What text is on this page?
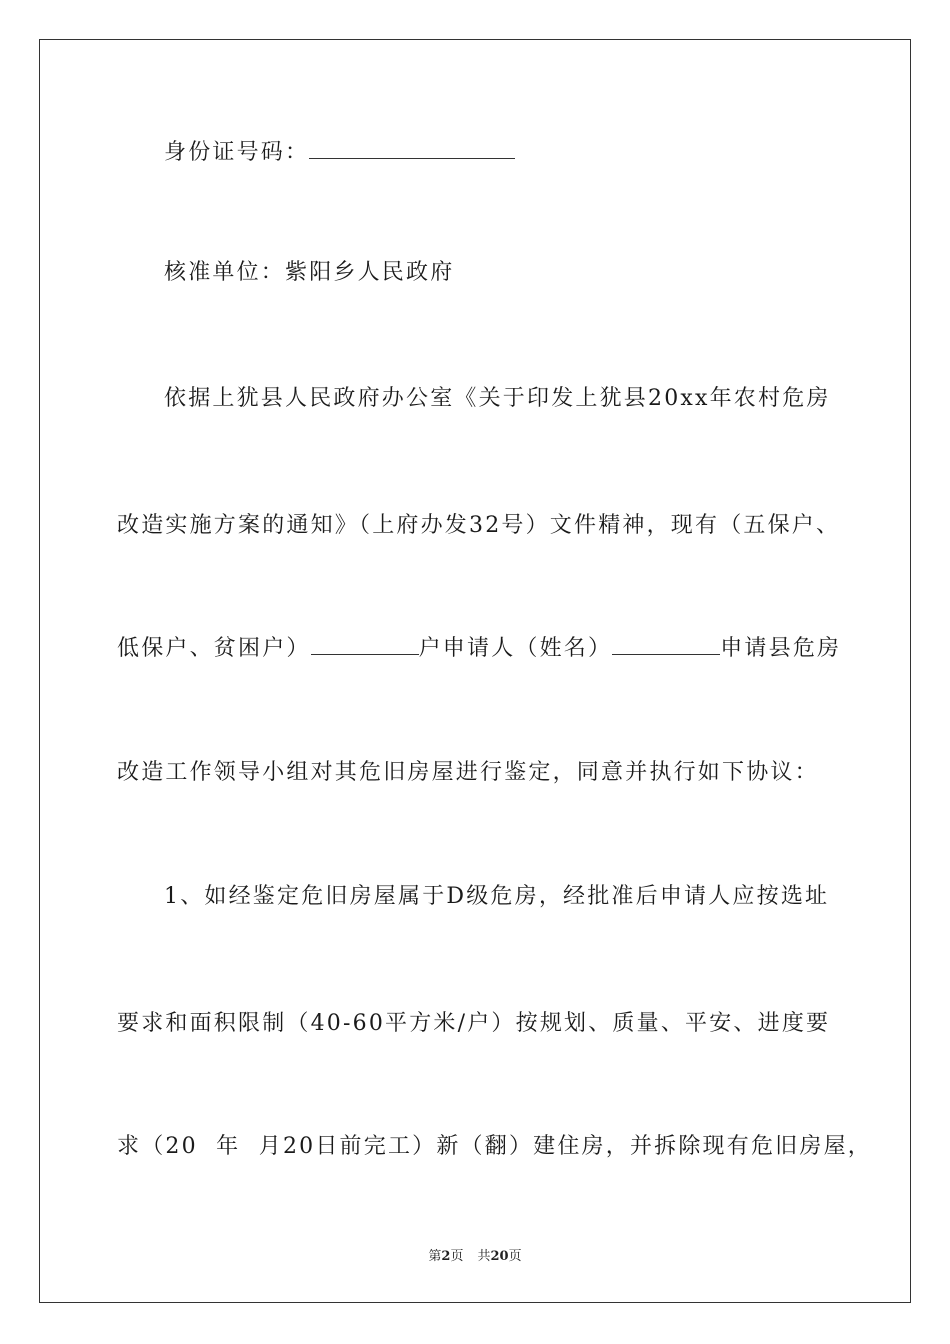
身份证号码：
核准单位：紫阳乡人民政府
依据上犹县人民政府办公室《关于印发上犹县20xx年农村危房
改造实施方案的通知》（上府办发32号）文件精神，现有（五保户、
低保户、贫困户）	户申请人（姓名）	申请县危房
改造工作领导小组对其危旧房屋进行鉴定，同意并执行如下协议：
1、如经鉴定危旧房屋属于D级危房，经批准后申请人应按选址
要求和面积限制（40-60平方米/户）按规划、质量、平安、进度要
求（20  年  月20日前完工）新（翻）建住房，并拆除现有危旧房屋，
第2页 共20页
